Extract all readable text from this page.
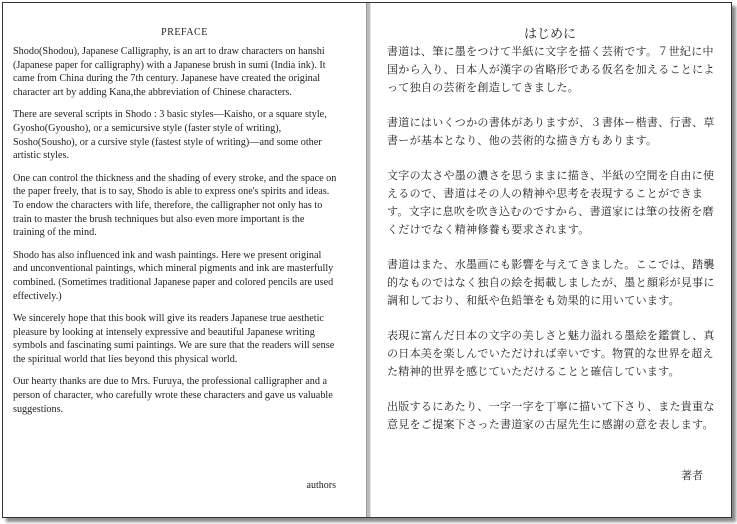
PREFACE

Shodo(Shodou), Japanese Calligraphy, is an art to draw characters on hanshi (Japanese paper for calligraphy) with a Japanese brush in sumi (India ink). It came from China during the 7th century. Japanese have created the original character art by adding Kana,the abbreviation of Chinese characters.

There are several scripts in Shodo : 3 basic styles—Kaisho, or a square style, Gyosho(Gyousho), or a semicursive style (faster style of writing), Sosho(Sousho), or a cursive style (fastest style of writing)—and some other artistic styles.

One can control the thickness and the shading of every stroke, and the space on the paper freely, that is to say, Shodo is able to express one's spirits and ideas. To endow the characters with life, therefore, the calligrapher not only has to train to master the brush techniques but also even more important is the training of the mind.

Shodo has also influenced ink and wash paintings. Here we present original and unconventional paintings, which mineral pigments and ink are masterfully combined. (Sometimes traditional Japanese paper and colored pencils are used effectively.)

We sincerely hope that this book will give its readers Japanese true aesthetic pleasure by looking at intensely expressive and beautiful Japanese writing symbols and fascinating sumi paintings. We are sure that the readers will sense the spiritual world that lies beyond this physical world.

Our hearty thanks are due to Mrs. Furuya, the professional calligrapher and a person of character, who carefully wrote these characters and gave us valuable suggestions.

authors
はじめに

書道は、筆に墨をつけて半紙に文字を描く芸術です。７世紀に中国から入り、日本人が漢字の省略形である仮名を加えることによって独自の芸術を創造してきました。

書道にはいくつかの書体がありますが、３書体ー楷書、行書、草書ーが基本となり、他の芸術的な描き方もあります。

文字の太さや墨の濃さを思うままに描き、半紙の空間を自由に使えるので、書道はその人の精神や思考を表現することができます。文字に息吹を吹き込むのですから、書道家には筆の技術を磨くだけでなく精神修養も要求されます。

書道はまた、水墨画にも影響を与えてきました。ここでは、踏襲的なものではなく独自の絵を掲載しましたが、墨と顔彩が見事に調和しており、和紙や色鉛筆をも効果的に用いています。

表現に富んだ日本の文字の美しさと魅力溢れる墨絵を鑑賞し、真の日本美を楽しんでいただければ幸いです。物質的な世界を超えた精神的世界を感じていただけることと確信しています。

出版するにあたり、一字一字を丁寧に描いて下さり、また貴重な意見をご提案下さった書道家の古屋先生に感謝の意を表します。

著者
